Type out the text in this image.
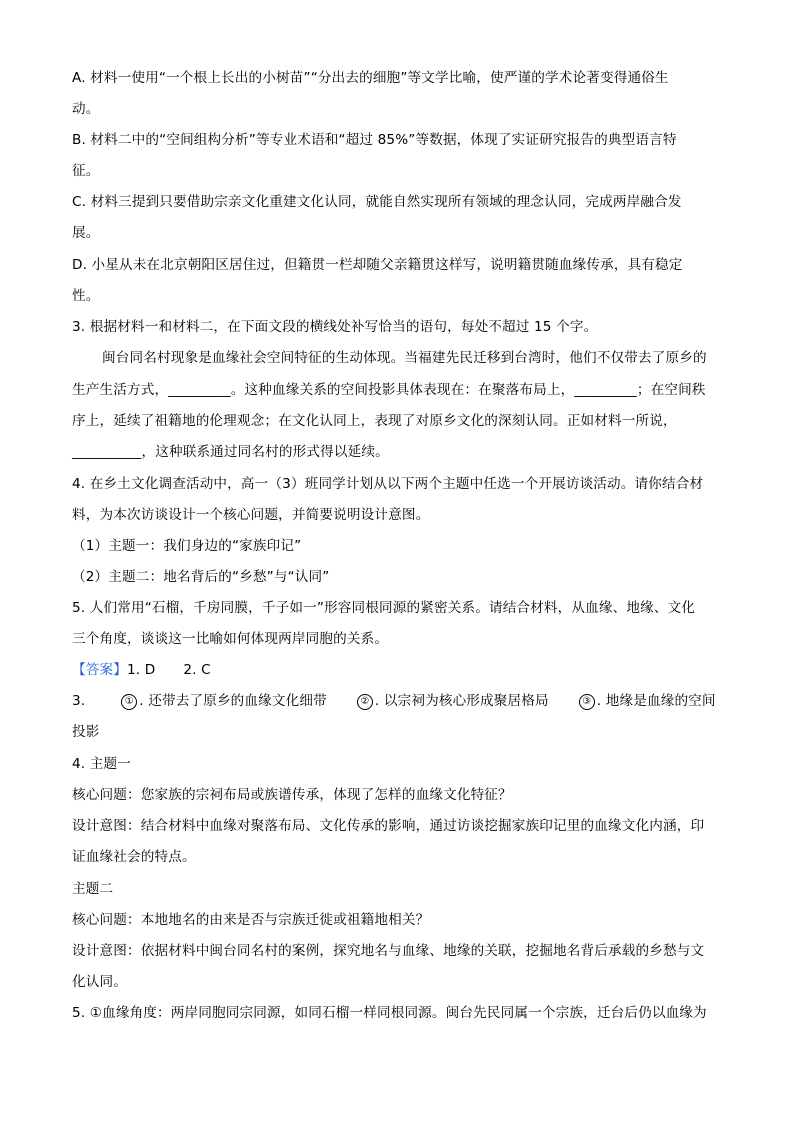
A. 材料一使用“一个根上长出的小树苗”“分出去的细胞”等文学比喻，使严谨的学术论著变得通俗生
动。
B. 材料二中的“空间组构分析”等专业术语和“超过 85%”等数据，体现了实证研究报告的典型语言特
征。
C. 材料三提到只要借助宗亲文化重建文化认同，就能自然实现所有领域的理念认同，完成两岸融合发
展。
D. 小星从未在北京朝阳区居住过，但籍贯一栏却随父亲籍贯这样写，说明籍贯随血缘传承，具有稳定
性。
3. 根据材料一和材料二，在下面文段的横线处补写恰当的语句，每处不超过 15 个字。
闽台同名村现象是血缘社会空间特征的生动体现。当福建先民迁移到台湾时，他们不仅带去了原乡的
生产生活方式，_________。这种血缘关系的空间投影具体表现在：在聚落布局上，_________；在空间秩
序上，延续了祖籍地的伦理观念；在文化认同上，表现了对原乡文化的深刻认同。正如材料一所说，
__________，这种联系通过同名村的形式得以延续。
4. 在乡土文化调查活动中，高一（3）班同学计划从以下两个主题中任选一个开展访谈活动。请你结合材
料，为本次访谈设计一个核心问题，并简要说明设计意图。
（1）主题一：我们身边的“家族印记”
（2）主题二：地名背后的“乡愁”与“认同”
5. 人们常用“石榴，千房同膜，千子如一”形容同根同源的紧密关系。请结合材料，从血缘、地缘、文化
三个角度，谈谈这一比喻如何体现两岸同胞的关系。
【答案】1. D 2. C
3.	① . 还带去了原乡的血缘文化细带	② . 以宗祠为核心形成聚居格局	③ . 地缘是血缘的空间
投影
4. 主题一
核心问题：您家族的宗祠布局或族谱传承，体现了怎样的血缘文化特征？
设计意图：结合材料中血缘对聚落布局、文化传承的影响，通过访谈挖掘家族印记里的血缘文化内涵，印
证血缘社会的特点。
主题二
核心问题：本地地名的由来是否与宗族迁徙或祖籍地相关？
设计意图：依据材料中闽台同名村的案例，探究地名与血缘、地缘的关联，挖掘地名背后承载的乡愁与文
化认同。
5. ①血缘角度：两岸同胞同宗同源，如同石榴一样同根同源。闽台先民同属一个宗族，迁台后仍以血缘为
